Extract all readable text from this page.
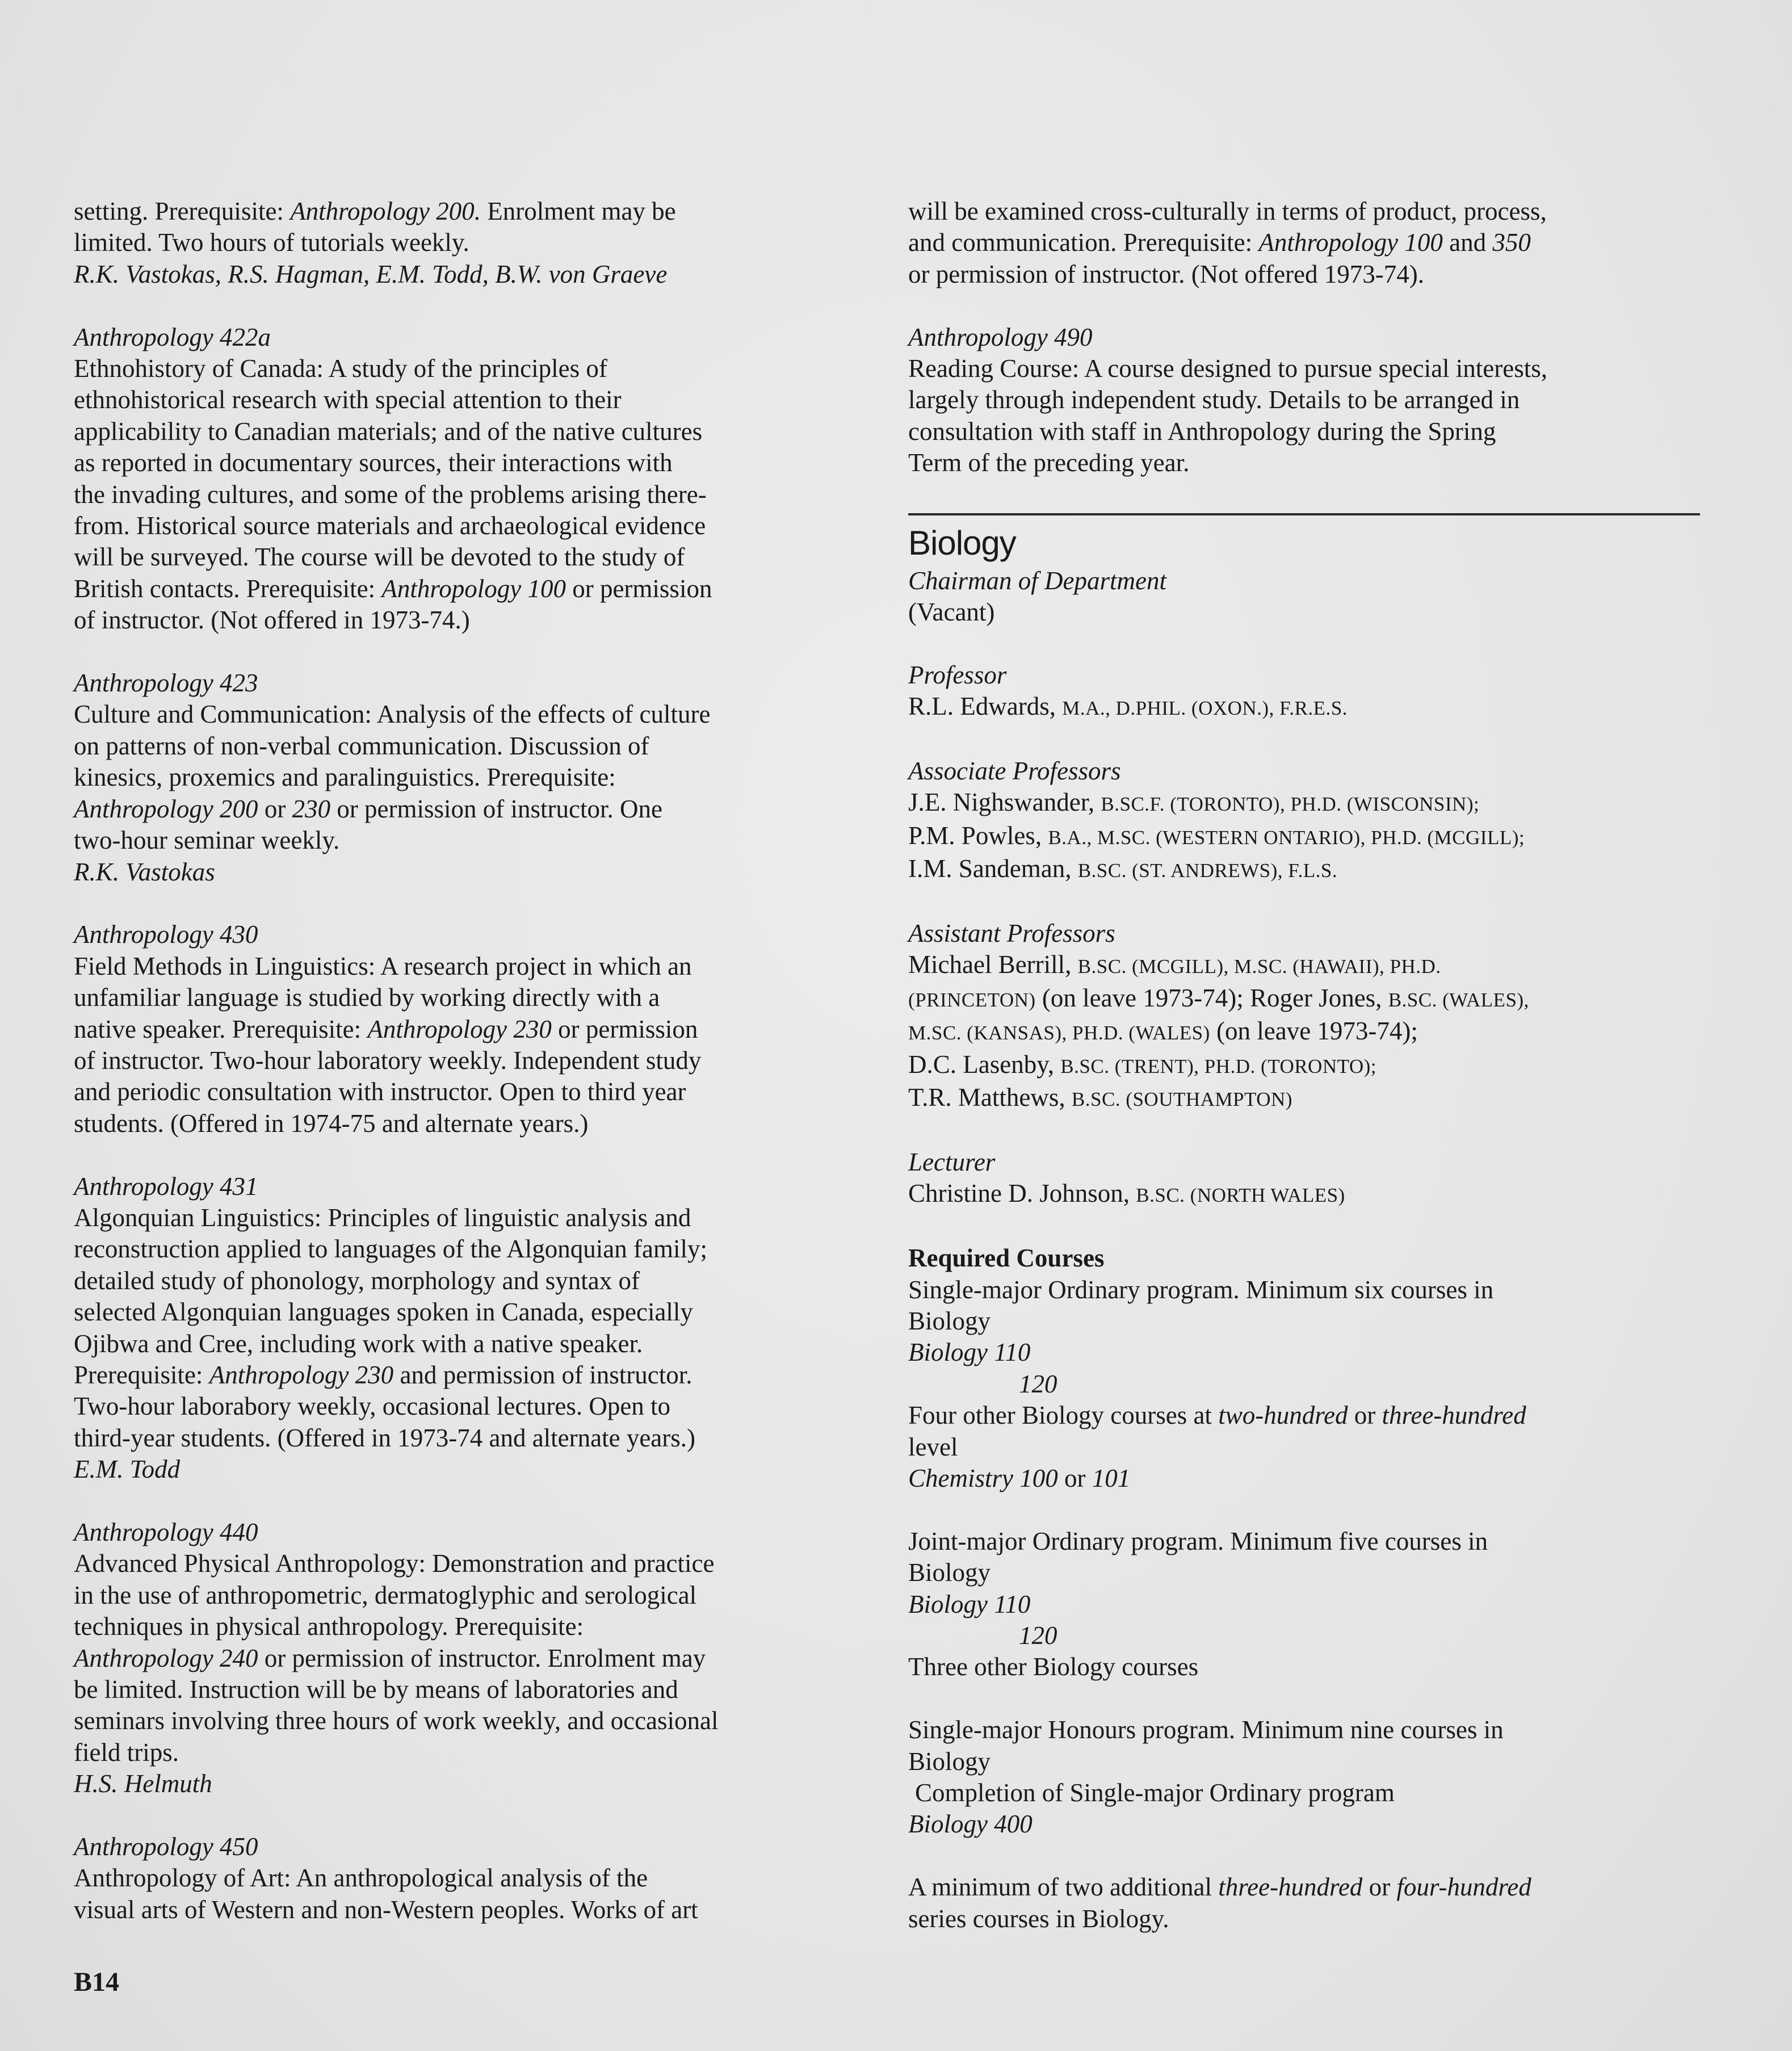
setting. Prerequisite: Anthropology 200. Enrolment may be
limited. Two hours of tutorials weekly.
R.K. Vastokas, R.S. Hagman, E.M. Todd, B.W. von Graeve
Anthropology 422a
Ethnohistory of Canada: A study of the principles of
ethnohistorical research with special attention to their
applicability to Canadian materials; and of the native cultures
as reported in documentary sources, their interactions with
the invading cultures, and some of the problems arising there-
from. Historical source materials and archaeological evidence
will be surveyed. The course will be devoted to the study of
British contacts. Prerequisite: Anthropology 100 or permission
of instructor. (Not offered in 1973-74.)
Anthropology 423
Culture and Communication: Analysis of the effects of culture
on patterns of non-verbal communication. Discussion of
kinesics, proxemics and paralinguistics. Prerequisite:
Anthropology 200 or 230 or permission of instructor. One
two-hour seminar weekly.
R.K. Vastokas
Anthropology 430
Field Methods in Linguistics: A research project in which an
unfamiliar language is studied by working directly with a
native speaker. Prerequisite: Anthropology 230 or permission
of instructor. Two-hour laboratory weekly. Independent study
and periodic consultation with instructor. Open to third year
students. (Offered in 1974-75 and alternate years.)
Anthropology 431
Algonquian Linguistics: Principles of linguistic analysis and
reconstruction applied to languages of the Algonquian family;
detailed study of phonology, morphology and syntax of
selected Algonquian languages spoken in Canada, especially
Ojibwa and Cree, including work with a native speaker.
Prerequisite: Anthropology 230 and permission of instructor.
Two-hour laborabory weekly, occasional lectures. Open to
third-year students. (Offered in 1973-74 and alternate years.)
E.M. Todd
Anthropology 440
Advanced Physical Anthropology: Demonstration and practice
in the use of anthropometric, dermatoglyphic and serological
techniques in physical anthropology. Prerequisite:
Anthropology 240 or permission of instructor. Enrolment may
be limited. Instruction will be by means of laboratories and
seminars involving three hours of work weekly, and occasional
field trips.
H.S. Helmuth
Anthropology 450
Anthropology of Art: An anthropological analysis of the
visual arts of Western and non-Western peoples. Works of art
will be examined cross-culturally in terms of product, process,
and communication. Prerequisite: Anthropology 100 and 350
or permission of instructor. (Not offered 1973-74).
Anthropology 490
Reading Course: A course designed to pursue special interests,
largely through independent study. Details to be arranged in
consultation with staff in Anthropology during the Spring
Term of the preceding year.
Biology
Chairman of Department
(Vacant)
Professor
R.L. Edwards, M.A., D.PHIL. (OXON.), F.R.E.S.
Associate Professors
J.E. Nighswander, B.SC.F. (TORONTO), PH.D. (WISCONSIN);
P.M. Powles, B.A., M.SC. (WESTERN ONTARIO), PH.D. (MCGILL);
I.M. Sandeman, B.SC. (ST. ANDREWS), F.L.S.
Assistant Professors
Michael Berrill, B.SC. (MCGILL), M.SC. (HAWAII), PH.D.
(PRINCETON) (on leave 1973-74); Roger Jones, B.SC. (WALES),
M.SC. (KANSAS), PH.D. (WALES) (on leave 1973-74);
D.C. Lasenby, B.SC. (TRENT), PH.D. (TORONTO);
T.R. Matthews, B.SC. (SOUTHAMPTON)
Lecturer
Christine D. Johnson, B.SC. (NORTH WALES)
Required Courses
Single-major Ordinary program. Minimum six courses in
Biology
Biology 110
120
Four other Biology courses at two-hundred or three-hundred
level
Chemistry 100 or 101
Joint-major Ordinary program. Minimum five courses in
Biology
Biology 110
120
Three other Biology courses
Single-major Honours program. Minimum nine courses in
Biology
Completion of Single-major Ordinary program
Biology 400
A minimum of two additional three-hundred or four-hundred
series courses in Biology.
B14
